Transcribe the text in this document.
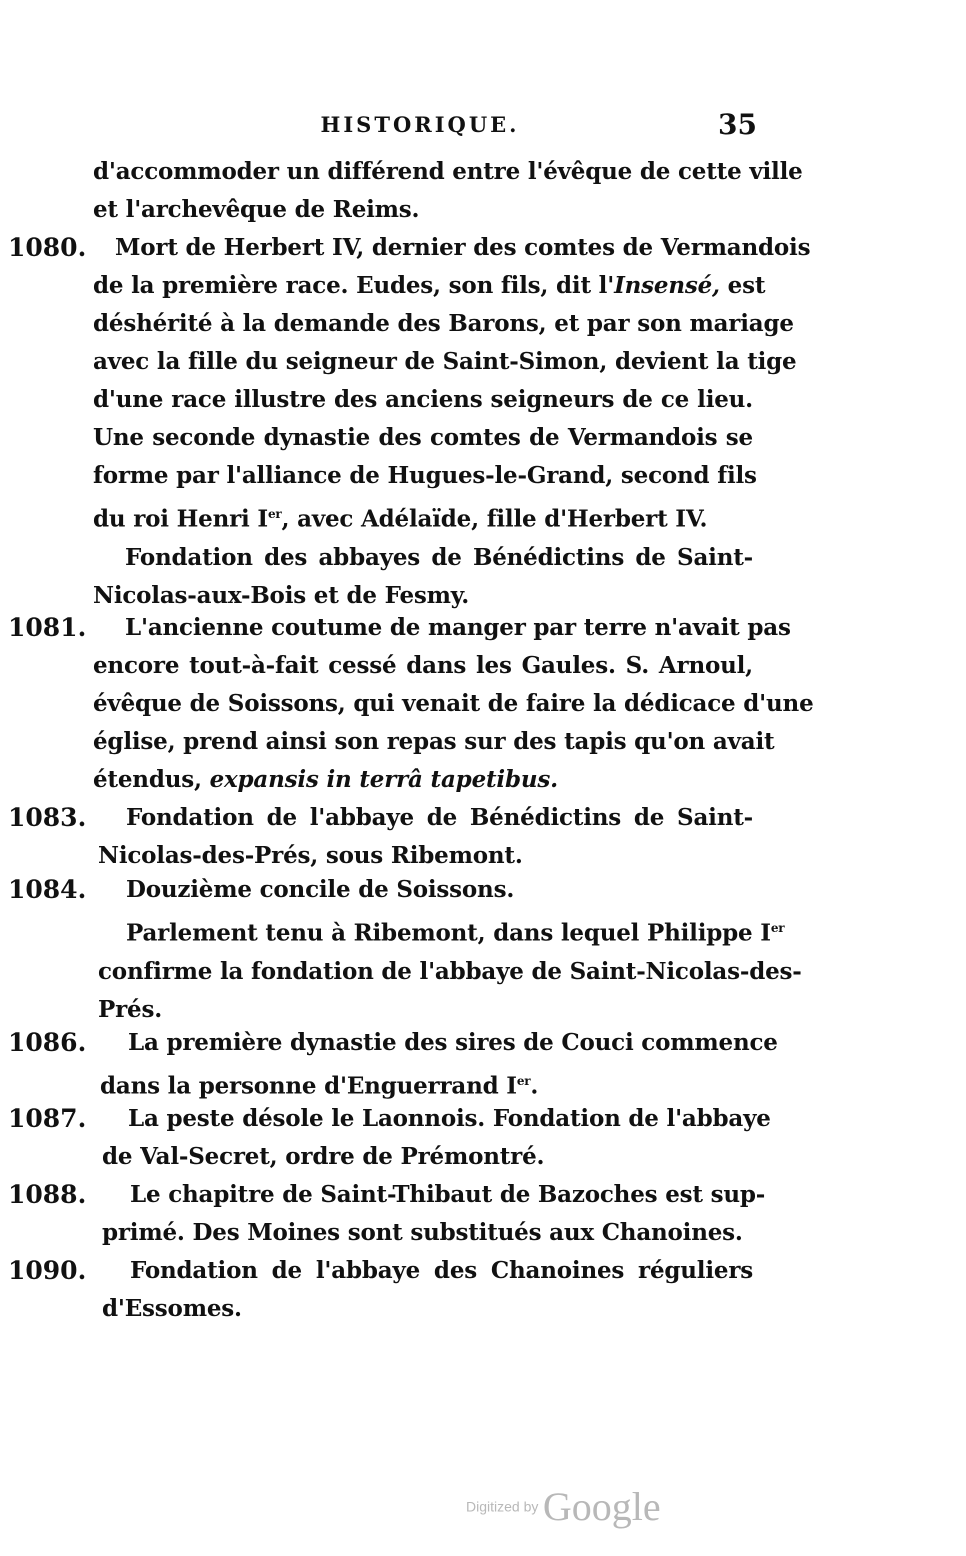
HISTORIQUE.	35
d'accommoder un différend entre l'évêque de cette ville
et l'archevêque de Reims.
1080.	Mort de Herbert IV, dernier des comtes de Vermandois
de la première race. Eudes, son fils, dit l'Insensé, est
déshérité à la demande des Barons, et par son mariage
avec la fille du seigneur de Saint-Simon, devient la tige
d'une race illustre des anciens seigneurs de ce lieu.
Une seconde dynastie des comtes de Vermandois se
forme par l'alliance de Hugues-le-Grand, second fils
du roi Henri Ier, avec Adélaïde, fille d'Herbert IV.
Fondation des abbayes de Bénédictins de Saint-
Nicolas-aux-Bois et de Fesmy.
1081.	L'ancienne coutume de manger par terre n'avait pas
encore tout-à-fait cessé dans les Gaules. S. Arnoul,
évêque de Soissons, qui venait de faire la dédicace d'une
église, prend ainsi son repas sur des tapis qu'on avait
étendus, expansis in terrâ tapetibus.
1083.	Fondation de l'abbaye de Bénédictins de Saint-
Nicolas-des-Prés, sous Ribemont.
1084.	Douzième concile de Soissons.
Parlement tenu à Ribemont, dans lequel Philippe Ier
confirme la fondation de l'abbaye de Saint-Nicolas-des-
Prés.
1086.	La première dynastie des sires de Couci commence
dans la personne d'Enguerrand Ier.
1087.	La peste désole le Laonnois. Fondation de l'abbaye
de Val-Secret, ordre de Prémontré.
1088.	Le chapitre de Saint-Thibaut de Bazoches est sup-
primé. Des Moines sont substitués aux Chanoines.
1090.	Fondation de l'abbaye des Chanoines réguliers
d'Essomes.
Digitized by Google
